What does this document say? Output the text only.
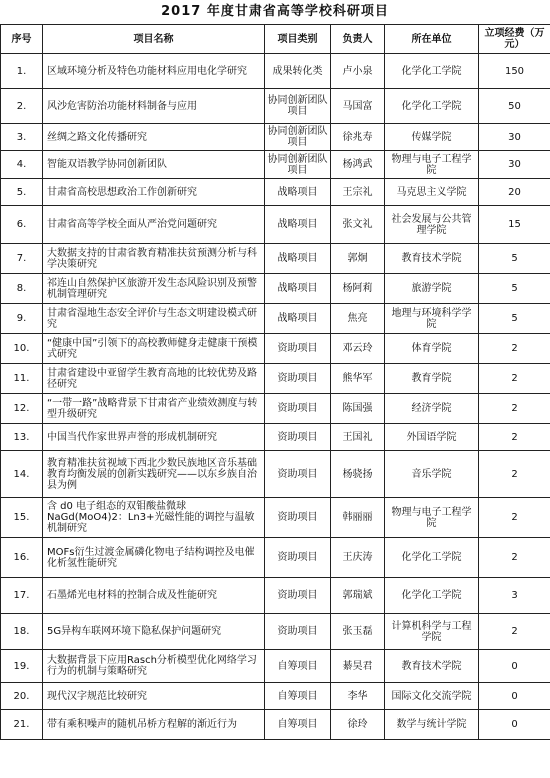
2017 年度甘肃省高等学校科研项目
序号	项目名称	项目类别	负责人	所在单位	立项经费（万元）
1.	区域环境分析及特色功能材料应用电化学研究	成果转化类	卢小泉	化学化工学院	150
2.	风沙危害防治功能材料制备与应用	协同创新团队项目	马国富	化学化工学院	50
3.	丝绸之路文化传播研究	协同创新团队项目	徐兆寿	传媒学院	30
4.	智能双语教学协同创新团队	协同创新团队项目	杨鸿武	物理与电子工程学院	30
5.	甘肃省高校思想政治工作创新研究	战略项目	王宗礼	马克思主义学院	20
6.	甘肃省高等学校全面从严治党问题研究	战略项目	张文礼	社会发展与公共管理学院	15
7.	大数据支持的甘肃省教育精准扶贫预测分析与科学决策研究	战略项目	郭炯	教育技术学院	5
8.	祁连山自然保护区旅游开发生态风险识别及预警机制管理研究	战略项目	杨阿莉	旅游学院	5
9.	甘肃省湿地生态安全评价与生态文明建设模式研究	战略项目	焦亮	地理与环境科学学院	5
10.	“健康中国”引领下的高校教师健身走健康干预模式研究	资助项目	邓云玲	体育学院	2
11.	甘肃省建设中亚留学生教育高地的比较优势及路径研究	资助项目	熊华军	教育学院	2
12.	“一带一路”战略背景下甘肃省产业绩效测度与转型升级研究	资助项目	陈国强	经济学院	2
13.	中国当代作家世界声誉的形成机制研究	资助项目	王国礼	外国语学院	2
14.	教育精准扶贫视域下西北少数民族地区音乐基础教育均衡发展的创新实践研究——以东乡族自治县为例	资助项目	杨骁扬	音乐学院	2
15.	含 d0 电子组态的双钼酸盐微球NaGd(MoO4)2：Ln3+光磁性能的调控与温敏机制研究	资助项目	韩丽丽	物理与电子工程学院	2
16.	MOFs衍生过渡金属磷化物电子结构调控及电催化析氢性能研究	资助项目	王庆涛	化学化工学院	2
17.	石墨烯光电材料的控制合成及性能研究	资助项目	郭瑞斌	化学化工学院	3
18.	5G异构车联网环境下隐私保护问题研究	资助项目	张玉磊	计算机科学与工程学院	2
19.	大数据背景下应用Rasch分析模型优化网络学习行为的机制与策略研究	自筹项目	綦昊君	教育技术学院	0
20.	现代汉字规范比较研究	自筹项目	李华	国际文化交流学院	0
21.	带有乘积噪声的随机吊桥方程解的渐近行为	自筹项目	徐玲	数学与统计学院	0
